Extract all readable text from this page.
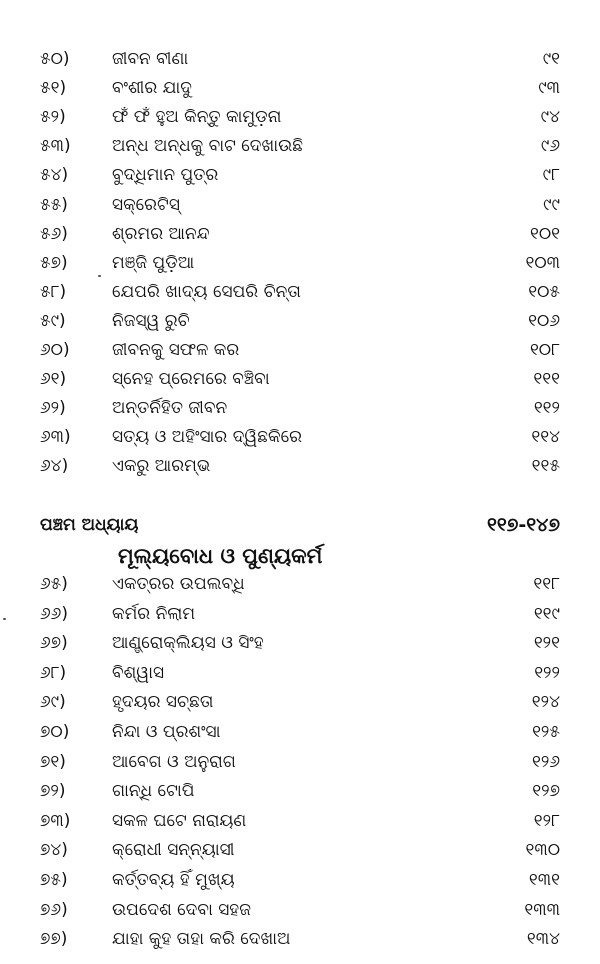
୫୦)	ଜୀବନ ବୀଣା	୯୧
୫୧)	ବଂଶୀର ଯାଦୁ	୯୩
୫୨)	ଫଁ ଫଁ ହୁଅ କିନ୍ତୁ କାମୁଡ଼ନା	୯୪
୫୩)	ଅନ୍ଧ ଅନ୍ଧକୁ ବାଟ ଦେଖାଉଛି	୯୬
୫୪)	ବୁଦ୍ଧିମାନ ପୁତ୍ର	୯୮
୫୫)	ସକ୍ରେଟିସ୍	୯୯
୫୬)	ଶ୍ରମର ଆନନ୍ଦ	୧୦୧
୫୭)	ମଞ୍ଜି ପୁଡ଼ିଆ	୧୦୩
୫୮)	ଯେପରି ଖାଦ୍ୟ ସେପରି ଚିନ୍ତା	୧୦୫
୫୯)	ନିଜସ୍ୱ ରୁଚି	୧୦୬
୬୦)	ଜୀବନକୁ ସଫଳ କର	୧୦୮
୬୧)	ସ୍ନେହ ପ୍ରେମରେ ବଞ୍ଚିବା	୧୧୧
୬୨)	ଅନ୍ତର୍ନିହିତ ଜୀବନ	୧୧୨
୬୩)	ସତ୍ୟ ଓ ଅହିଂସାର ଦ୍ୱିଛକିରେ	୧୧୪
୬୪)	ଏକରୁ ଆରମ୍ଭ	୧୧୫
ପଞ୍ଚମ ଅଧ୍ୟାୟ	୧୧୭-୧୪୭
ମୂଲ୍ୟବୋଧ ଓ ପୁଣ୍ୟକର୍ମ
୬୫)	ଏକତ୍ରର ଉପଲବ୍ଧି	୧୧୮
୬୬)	କର୍ମର ନିଲାମ	୧୧୯
୬୭)	ଆଣ୍ଡ୍ରୋକ୍ଲିୟସ ଓ ସିଂହ	୧୨୧
୬୮)	ବିଶ୍ୱାସ	୧୨୨
୬୯)	ହୃଦୟର ସଚ୍ଛତା	୧୨୪
୭୦)	ନିନ୍ଦା ଓ ପ୍ରଶଂସା	୧୨୫
୭୧)	ଆବେଗ ଓ ଅନୁରାଗ	୧୨୬
୭୨)	ଗାନ୍ଧି ଟୋପି	୧୨୭
୭୩)	ସକଳ ଘଟେ ନାରାୟଣ	୧୨୮
୭୪)	କ୍ରୋଧୀ ସନ୍ନ୍ୟାସୀ	୧୩୦
୭୫)	କର୍ତ୍ତବ୍ୟ ହିଁ ମୁଖ୍ୟ	୧୩୧
୭୬)	ଉପଦେଶ ଦେବା ସହଜ	୧୩୩
୭୭)	ଯାହା କୁହ ତାହା କରି ଦେଖାଅ	୧୩୪
